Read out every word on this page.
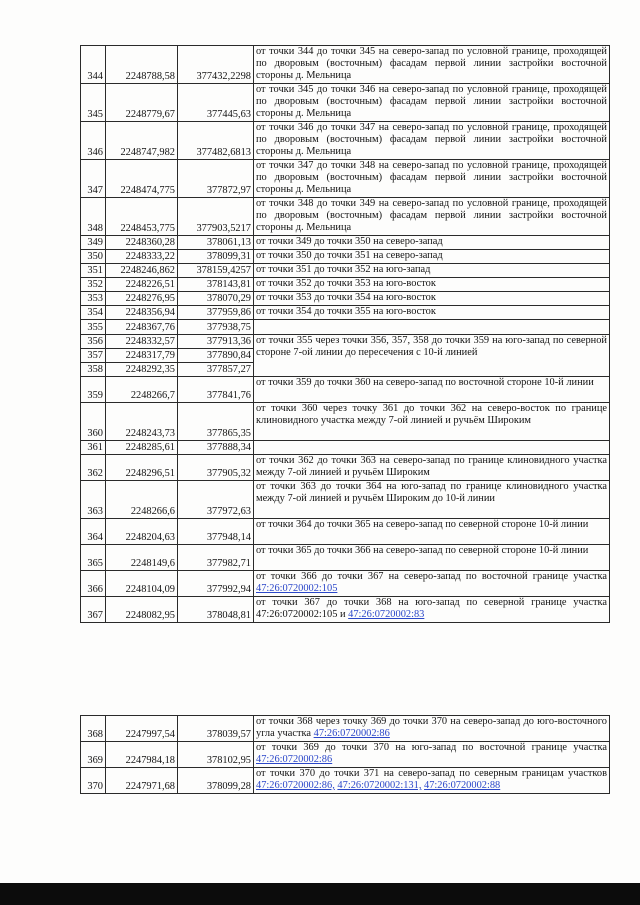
344	2248788,58	377432,2298	от точки 344 до точки 345 на северо-запад по условной границе, проходящей по дворовым (восточным) фасадам первой линии застройки восточной стороны д. Мельница
345	2248779,67	377445,63	от точки 345 до точки 346 на северо-запад по условной границе, проходящей по дворовым (восточным) фасадам первой линии застройки восточной стороны д. Мельница
346	2248747,982	377482,6813	от точки 346 до точки 347 на северо-запад по условной границе, проходящей по дворовым (восточным) фасадам первой линии застройки восточной стороны д. Мельница
347	2248474,775	377872,97	от точки 347 до точки 348 на северо-запад по условной границе, проходящей по дворовым (восточным) фасадам первой линии застройки восточной стороны д. Мельница
348	2248453,775	377903,5217	от точки 348 до точки 349 на северо-запад по условной границе, проходящей по дворовым (восточным) фасадам первой линии застройки восточной стороны д. Мельница
349	2248360,28	378061,13	от точки 349 до точки 350 на северо-запад
350	2248333,22	378099,31	от точки 350 до точки 351 на северо-запад
351	2248246,862	378159,4257	от точки 351 до точки 352 на юго-запад
352	2248226,51	378143,81	от точки 352 до точки 353 на юго-восток
353	2248276,95	378070,29	от точки 353 до точки 354 на юго-восток
354	2248356,94	377959,86	от точки 354 до точки 355 на юго-восток
355	2248367,76	377938,75	
356	2248332,57	377913,36	от точки 355 через точки 356, 357, 358 до точки 359 на юго-запад по северной стороне 7-ой линии до пересечения с 10-й линией
357	2248317,79	377890,84	
358	2248292,35	377857,27	
359	2248266,7	377841,76	от точки 359 до точки 360 на северо-запад по восточной стороне 10-й линии
360	2248243,73	377865,35	от точки 360 через точку 361 до точки 362 на северо-восток по границе клиновидного участка между 7-ой линией и ручьём Широким
361	2248285,61	377888,34	
362	2248296,51	377905,32	от точки 362 до точки 363 на северо-запад по границе клиновидного участка между 7-ой линией и ручьём Широким
363	2248266,6	377972,63	от точки 363 до точки 364 на юго-запад по границе клиновидного участка между 7-ой линией и ручьём Широким до 10-й линии
364	2248204,63	377948,14	от точки 364 до точки 365 на северо-запад по северной стороне 10-й линии
365	2248149,6	377982,71	от точки 365 до точки 366 на северо-запад по северной стороне 10-й линии
366	2248104,09	377992,94	от точки 366 до точки 367 на северо-запад по восточной границе участка 47:26:0720002:105
367	2248082,95	378048,81	от точки 367 до точки 368 на юго-запад по северной границе участка 47:26:0720002:105 и 47:26:0720002:83
368	2247997,54	378039,57	от точки 368 через точку 369 до точки 370 на северо-запад до юго-восточного угла участка 47:26:0720002:86
369	2247984,18	378102,95	от точки 369 до точки 370 на юго-запад по восточной границе участка 47:26:0720002:86
370	2247971,68	378099,28	от точки 370 до точки 371 на северо-запад по северным границам участков 47:26:0720002:86, 47:26:0720002:131, 47:26:0720002:88
